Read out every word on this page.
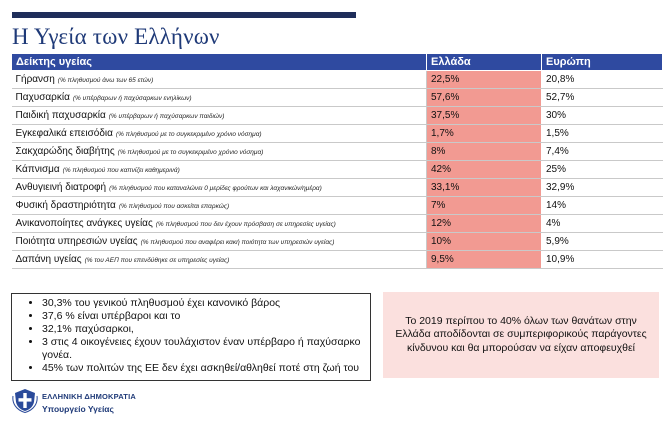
Η Υγεία των Ελλήνων
Δείκτης υγείας	Ελλάδα	Ευρώπη
Γήρανση (% πληθυσμού άνω των 65 ετών)	22,5%	20,8%
Παχυσαρκία (% υπέρβαρων ή παχύσαρκων ενηλίκων)	57,6%	52,7%
Παιδική παχυσαρκία (% υπέρβαρων ή παχύσαρκων παιδιών)	37,5%	30%
Εγκεφαλικά επεισόδια (% πληθυσμού με το συγκεκριμένο χρόνιο νόσημα)	1,7%	1,5%
Σακχαρώδης διαβήτης (% πληθυσμού με το συγκεκριμένο χρόνιο νόσημα)	8%	7,4%
Κάπνισμα (% πληθυσμού που καπνίζει καθημερινά)	42%	25%
Ανθυγιεινή διατροφή (% πληθυσμού που καταναλώνει 0 μερίδες φρούτων και λαχανικών/ημέρα)	33,1%	32,9%
Φυσική δραστηριότητα (% πληθυσμού που ασκείται επαρκώς)	7%	14%
Ανικανοποίητες ανάγκες υγείας (% πληθυσμού που δεν έχουν πρόσβαση σε υπηρεσίες υγείας)	12%	4%
Ποιότητα υπηρεσιών υγείας (% πληθυσμού που αναφέρει κακή ποιότητα των υπηρεσιών υγείας)	10%	5,9%
Δαπάνη υγείας (% του ΑΕΠ που επενδύθηκε σε υπηρεσίες υγείας)	9,5%	10,9%
• 30,3% του γενικού πληθυσμού έχει κανονικό βάρος
• 37,6 % είναι υπέρβαροι και το
• 32,1% παχύσαρκοι,
• 3 στις 4 οικογένειες έχουν τουλάχιστον έναν υπέρβαρο ή παχύσαρκο γονέα.
• 45% των πολιτών της ΕΕ δεν έχει ασκηθεί/αθληθεί ποτέ στη ζωή του
Το 2019 περίπου το 40% όλων των θανάτων στην Ελλάδα αποδίδονται σε συμπεριφορικούς παράγοντες κίνδυνου και θα μπορούσαν να είχαν αποφευχθεί
ΕΛΛΗΝΙΚΗ ΔΗΜΟΚΡΑΤΙΑ
Υπουργείο Υγείας
